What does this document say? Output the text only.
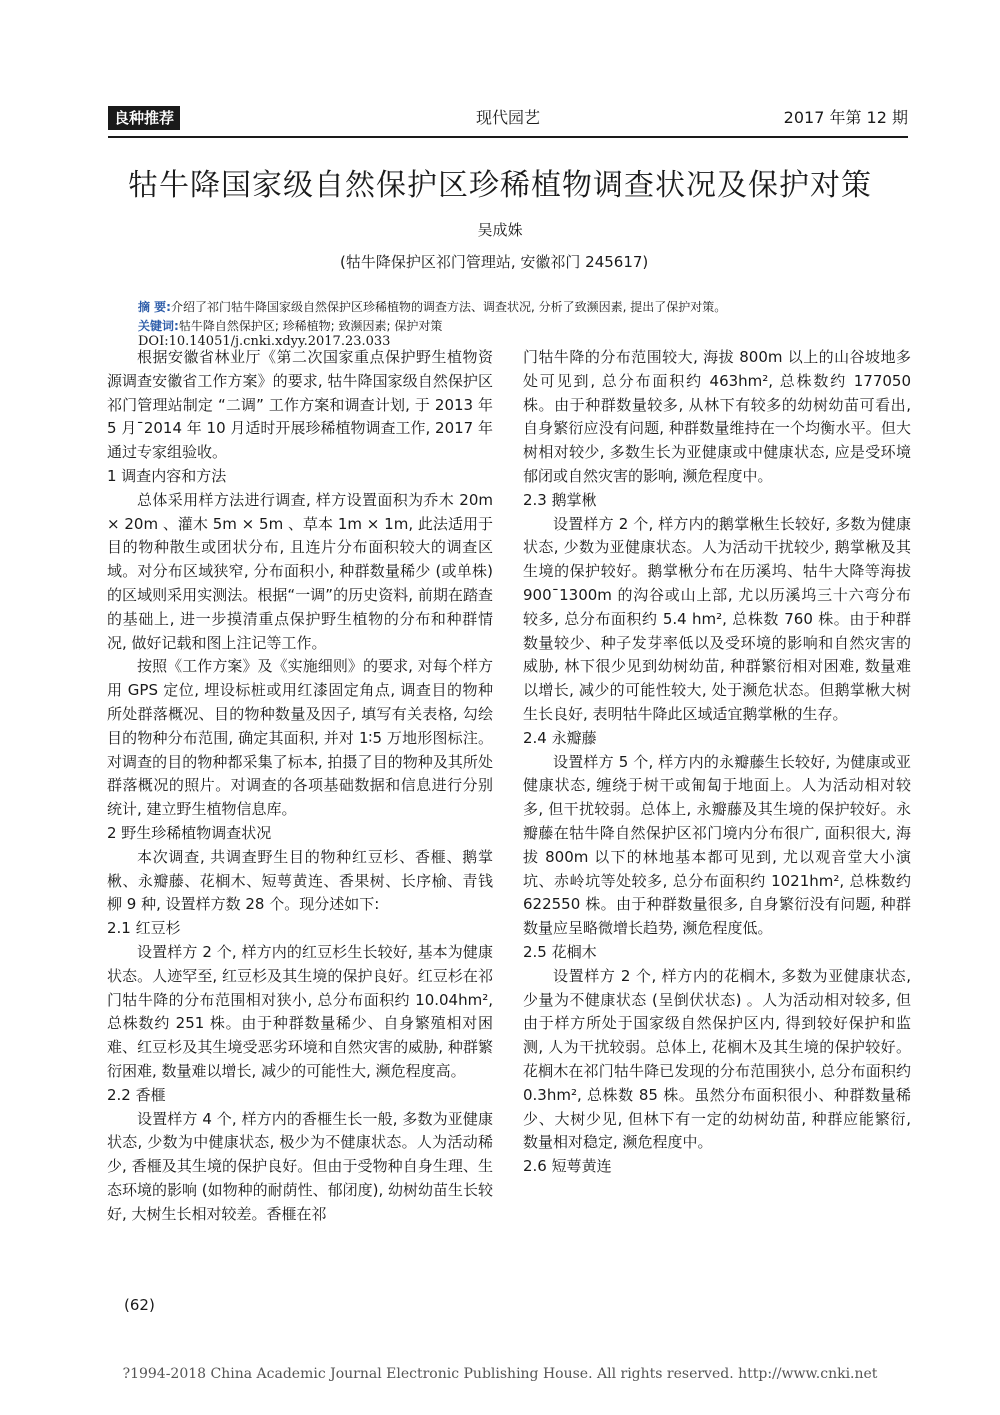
良种推荐	现代园艺	2017 年第 12 期
牯牛降国家级自然保护区珍稀植物调查状况及保护对策
吴成姝
(牯牛降保护区祁门管理站, 安徽祁门 245617)
摘 要:介绍了祁门牯牛降国家级自然保护区珍稀植物的调查方法、调查状况, 分析了致濒因素, 提出了保护对策。
关键词:牯牛降自然保护区; 珍稀植物; 致濒因素; 保护对策
DOI:10.14051/j.cnki.xdyy.2017.23.033

根据安徽省林业厅《第二次国家重点保护野生植物资源调查安徽省工作方案》的要求, 牯牛降国家级自然保护区祁门管理站制定 “二调” 工作方案和调查计划, 于 2013 年 5 月¯2014 年 10 月适时开展珍稀植物调查工作, 2017 年通过专家组验收。

1 调查内容和方法

总体采用样方法进行调查, 样方设置面积为乔木 20m × 20m 、灌木 5m × 5m 、草本 1m × 1m, 此法适用于目的物种散生或团状分布, 且连片分布面积较大的调查区域。对分布区域狭窄, 分布面积小, 种群数量稀少 (或单株) 的区域则采用实测法。根据“一调”的历史资料, 前期在踏查的基础上, 进一步摸清重点保护野生植物的分布和种群情况, 做好记载和图上注记等工作。

按照《工作方案》及《实施细则》的要求, 对每个样方用 GPS 定位, 埋设标桩或用红漆固定角点, 调查目的物种所处群落概况、目的物种数量及因子, 填写有关表格, 勾绘目的物种分布范围, 确定其面积, 并对 1∶5 万地形图标注。对调查的目的物种都采集了标本, 拍摄了目的物种及其所处群落概况的照片。对调查的各项基础数据和信息进行分别统计, 建立野生植物信息库。

2 野生珍稀植物调查状况

本次调查, 共调查野生目的物种红豆杉、香榧、鹅掌楸、永瓣藤、花榈木、短萼黄连、香果树、长序榆、青钱柳 9 种, 设置样方数 28 个。现分述如下:

2.1 红豆杉

设置样方 2 个, 样方内的红豆杉生长较好, 基本为健康状态。人迹罕至, 红豆杉及其生境的保护良好。红豆杉在祁门牯牛降的分布范围相对狭小, 总分布面积约 10.04hm², 总株数约 251 株。由于种群数量稀少、自身繁殖相对困难、红豆杉及其生境受恶劣环境和自然灾害的威胁, 种群繁衍困难, 数量难以增长, 减少的可能性大, 濒危程度高。

2.2 香榧

设置样方 4 个, 样方内的香榧生长一般, 多数为亚健康状态, 少数为中健康状态, 极少为不健康状态。人为活动稀少, 香榧及其生境的保护良好。但由于受物种自身生理、生态环境的影响 (如物种的耐荫性、郁闭度), 幼树幼苗生长较好, 大树生长相对较差。香榧在祁

门牯牛降的分布范围较大, 海拔 800m 以上的山谷坡地多处可见到, 总分布面积约 463hm², 总株数约 177050 株。由于种群数量较多, 从林下有较多的幼树幼苗可看出, 自身繁衍应没有问题, 种群数量维持在一个均衡水平。但大树相对较少, 多数生长为亚健康或中健康状态, 应是受环境郁闭或自然灾害的影响, 濒危程度中。

2.3 鹅掌楸

设置样方 2 个, 样方内的鹅掌楸生长较好, 多数为健康状态, 少数为亚健康状态。人为活动干扰较少, 鹅掌楸及其生境的保护较好。鹅掌楸分布在历溪坞、牯牛大降等海拔 900¯1300m 的沟谷或山上部, 尤以历溪坞三十六弯分布较多, 总分布面积约 5.4 hm², 总株数 760 株。由于种群数量较少、种子发芽率低以及受环境的影响和自然灾害的威胁, 林下很少见到幼树幼苗, 种群繁衍相对困难, 数量难以增长, 减少的可能性较大, 处于濒危状态。但鹅掌楸大树生长良好, 表明牯牛降此区域适宜鹅掌楸的生存。

2.4 永瓣藤

设置样方 5 个, 样方内的永瓣藤生长较好, 为健康或亚健康状态, 缠绕于树干或匍匐于地面上。人为活动相对较多, 但干扰较弱。总体上, 永瓣藤及其生境的保护较好。永瓣藤在牯牛降自然保护区祁门境内分布很广, 面积很大, 海拔 800m 以下的林地基本都可见到, 尤以观音堂大小演坑、赤岭坑等处较多, 总分布面积约 1021hm², 总株数约 622550 株。由于种群数量很多, 自身繁衍没有问题, 种群数量应呈略微增长趋势, 濒危程度低。

2.5 花榈木

设置样方 2 个, 样方内的花榈木, 多数为亚健康状态, 少量为不健康状态 (呈倒伏状态) 。人为活动相对较多, 但由于样方所处于国家级自然保护区内, 得到较好保护和监测, 人为干扰较弱。总体上, 花榈木及其生境的保护较好。花榈木在祁门牯牛降已发现的分布范围狭小, 总分布面积约 0.3hm², 总株数 85 株。虽然分布面积很小、种群数量稀少、大树少见, 但林下有一定的幼树幼苗, 种群应能繁衍, 数量相对稳定, 濒危程度中。

2.6 短萼黄连

(62)
?1994-2018 China Academic Journal Electronic Publishing House. All rights reserved. http://www.cnki.net
